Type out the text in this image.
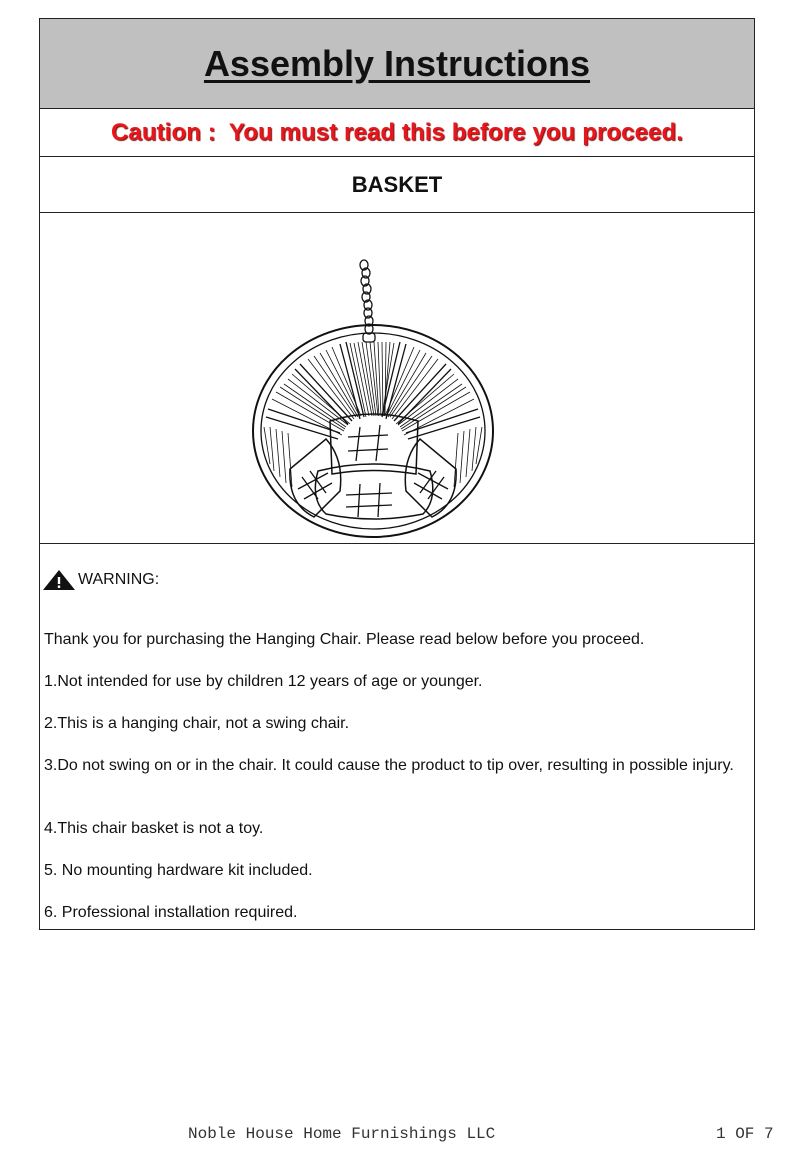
Assembly Instructions
Caution :  You must read this before you proceed.
BASKET
WARNING:

Thank you for purchasing the Hanging Chair. Please read below before you proceed.

1.Not intended for use by children 12 years of age or younger.

2.This is a hanging chair, not a swing chair.

3.Do not swing on or in the chair. It could cause the product to tip over, resulting in possible injury.

4.This chair basket is not a toy.

5. No mounting hardware kit included.

6. Professional installation required.

Noble House Home Furnishings LLC	1 OF 7
